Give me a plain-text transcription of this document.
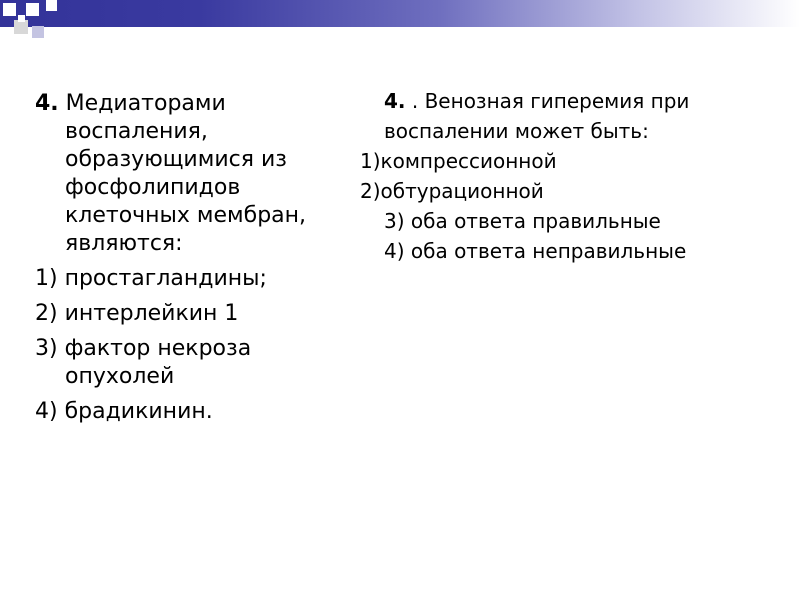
4. Медиаторами
воспаления,
образующимися из
фосфолипидов
клеточных мембран,
являются:
1) простагландины;
2) интерлейкин 1
3) фактор некроза
опухолей
4) брадикинин.
4. . Венозная гиперемия при
воспалении может быть:
1)компрессионной
2)обтурационной
3) оба ответа правильные
4) оба ответа неправильные
